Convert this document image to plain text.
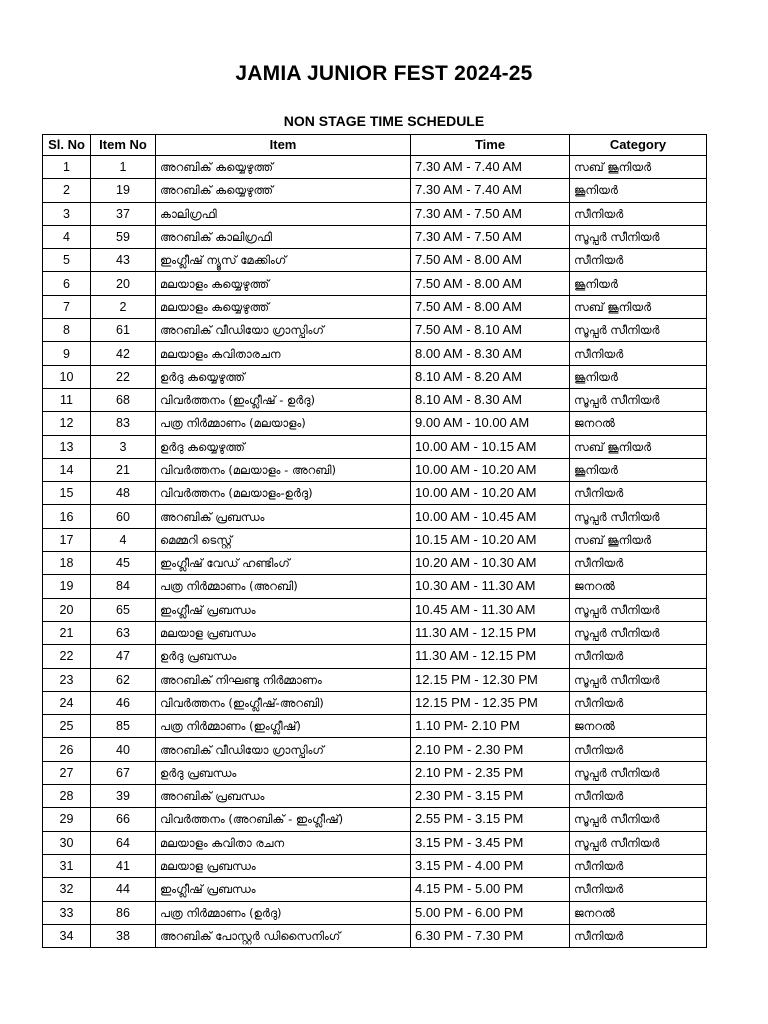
JAMIA JUNIOR FEST 2024-25
NON STAGE TIME SCHEDULE
Sl. No	Item No	Item	Time	Category
1	1	അറബിക് കയ്യെഴുത്ത്	7.30 AM - 7.40 AM	സബ് ജൂനിയർ
2	19	അറബിക് കയ്യെഴുത്ത്	7.30 AM - 7.40 AM	ജൂനിയർ
3	37	കാലിഗ്രഫി	7.30 AM - 7.50 AM	സീനിയർ
4	59	അറബിക് കാലിഗ്രഫി	7.30 AM - 7.50 AM	സൂപ്പർ സീനിയർ
5	43	ഇംഗ്ലീഷ് ന്യൂസ് മേക്കിംഗ്	7.50 AM - 8.00 AM	സീനിയർ
6	20	മലയാളം കയ്യെഴുത്ത്	7.50 AM - 8.00 AM	ജൂനിയർ
7	2	മലയാളം കയ്യെഴുത്ത്	7.50 AM - 8.00 AM	സബ് ജൂനിയർ
8	61	അറബിക് വീഡിയോ ഗ്രാസ്പിംഗ്	7.50 AM - 8.10 AM	സൂപ്പർ സീനിയർ
9	42	മലയാളം കവിതാരചന	8.00 AM - 8.30 AM	സീനിയർ
10	22	ഉർദു കയ്യെഴുത്ത്	8.10 AM - 8.20 AM	ജൂനിയർ
11	68	വിവർത്തനം (ഇംഗ്ലീഷ് - ഉർദു)	8.10 AM - 8.30 AM	സൂപ്പർ സീനിയർ
12	83	പത്ര നിർമ്മാണം (മലയാളം)	9.00 AM - 10.00 AM	ജനറൽ
13	3	ഉർദു കയ്യെഴുത്ത്	10.00 AM - 10.15 AM	സബ് ജൂനിയർ
14	21	വിവർത്തനം (മലയാളം - അറബി)	10.00 AM - 10.20 AM	ജൂനിയർ
15	48	വിവർത്തനം (മലയാളം-ഉർദു)	10.00 AM - 10.20 AM	സീനിയർ
16	60	അറബിക് പ്രബന്ധം	10.00 AM - 10.45 AM	സൂപ്പർ സീനിയർ
17	4	മെമ്മറി ടെസ്റ്റ്	10.15 AM - 10.20 AM	സബ് ജൂനിയർ
18	45	ഇംഗ്ലീഷ് വേഡ് ഹണ്ടിംഗ്	10.20 AM - 10.30 AM	സീനിയർ
19	84	പത്ര നിർമ്മാണം (അറബി)	10.30 AM - 11.30 AM	ജനറൽ
20	65	ഇംഗ്ലീഷ് പ്രബന്ധം	10.45 AM - 11.30 AM	സൂപ്പർ സീനിയർ
21	63	മലയാള പ്രബന്ധം	11.30 AM - 12.15 PM	സൂപ്പർ സീനിയർ
22	47	ഉർദു പ്രബന്ധം	11.30 AM - 12.15 PM	സീനിയർ
23	62	അറബിക് നിഘണ്ടു നിർമ്മാണം	12.15 PM - 12.30 PM	സൂപ്പർ സീനിയർ
24	46	വിവർത്തനം (ഇംഗ്ലീഷ്-അറബി)	12.15 PM - 12.35 PM	സീനിയർ
25	85	പത്ര നിർമ്മാണം (ഇംഗ്ലീഷ്)	1.10 PM- 2.10 PM	ജനറൽ
26	40	അറബിക് വീഡിയോ ഗ്രാസ്പിംഗ്	2.10 PM - 2.30 PM	സീനിയർ
27	67	ഉർദു പ്രബന്ധം	2.10 PM - 2.35 PM	സൂപ്പർ സീനിയർ
28	39	അറബിക് പ്രബന്ധം	2.30 PM - 3.15 PM	സീനിയർ
29	66	വിവർത്തനം (അറബിക് - ഇംഗ്ലീഷ്)	2.55 PM - 3.15 PM	സൂപ്പർ സീനിയർ
30	64	മലയാളം കവിതാ രചന	3.15 PM - 3.45 PM	സൂപ്പർ സീനിയർ
31	41	മലയാള പ്രബന്ധം	3.15 PM - 4.00 PM	സീനിയർ
32	44	ഇംഗ്ലീഷ് പ്രബന്ധം	4.15 PM - 5.00 PM	സീനിയർ
33	86	പത്ര നിർമ്മാണം (ഉർദു)	5.00 PM - 6.00 PM	ജനറൽ
34	38	അറബിക് പോസ്റ്റർ ഡിസൈനിംഗ്	6.30 PM - 7.30 PM	സീനിയർ
